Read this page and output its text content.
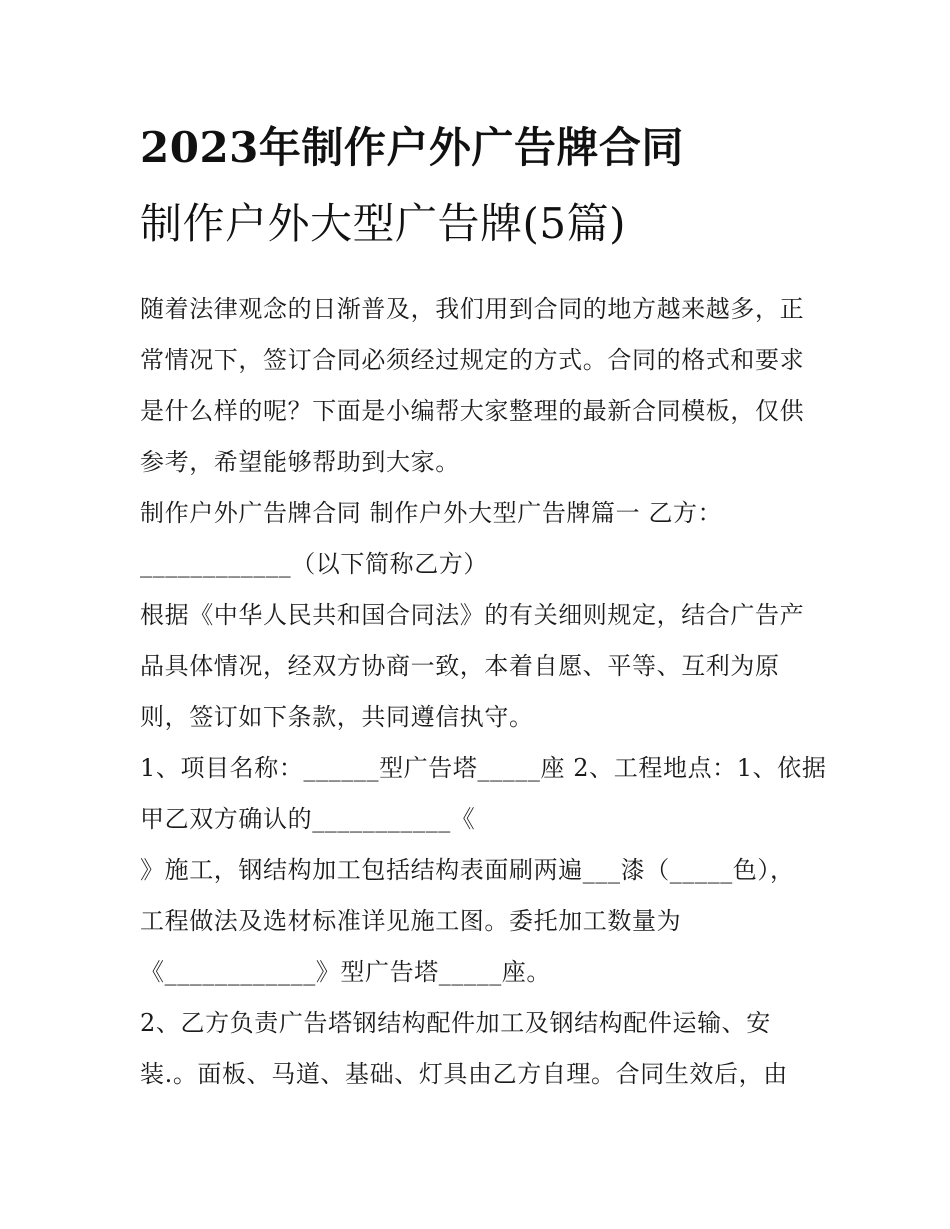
2023年制作户外广告牌合同
制作户外大型广告牌(5篇)
随着法律观念的日渐普及，我们用到合同的地方越来越多，正
常情况下，签订合同必须经过规定的方式。合同的格式和要求
是什么样的呢？下面是小编帮大家整理的最新合同模板，仅供
参考，希望能够帮助到大家。
制作户外广告牌合同 制作户外大型广告牌篇一 乙方：
____________（以下简称乙方）
根据《中华人民共和国合同法》的有关细则规定，结合广告产
品具体情况，经双方协商一致，本着自愿、平等、互利为原
则，签订如下条款，共同遵信执守。
1、项目名称：______型广告塔_____座 2、工程地点：1、依据
甲乙双方确认的___________《
》施工，钢结构加工包括结构表面刷两遍___漆（_____色），
工程做法及选材标准详见施工图。委托加工数量为
《____________》型广告塔_____座。
2、乙方负责广告塔钢结构配件加工及钢结构配件运输、安
装.。面板、马道、基础、灯具由乙方自理。合同生效后，由
